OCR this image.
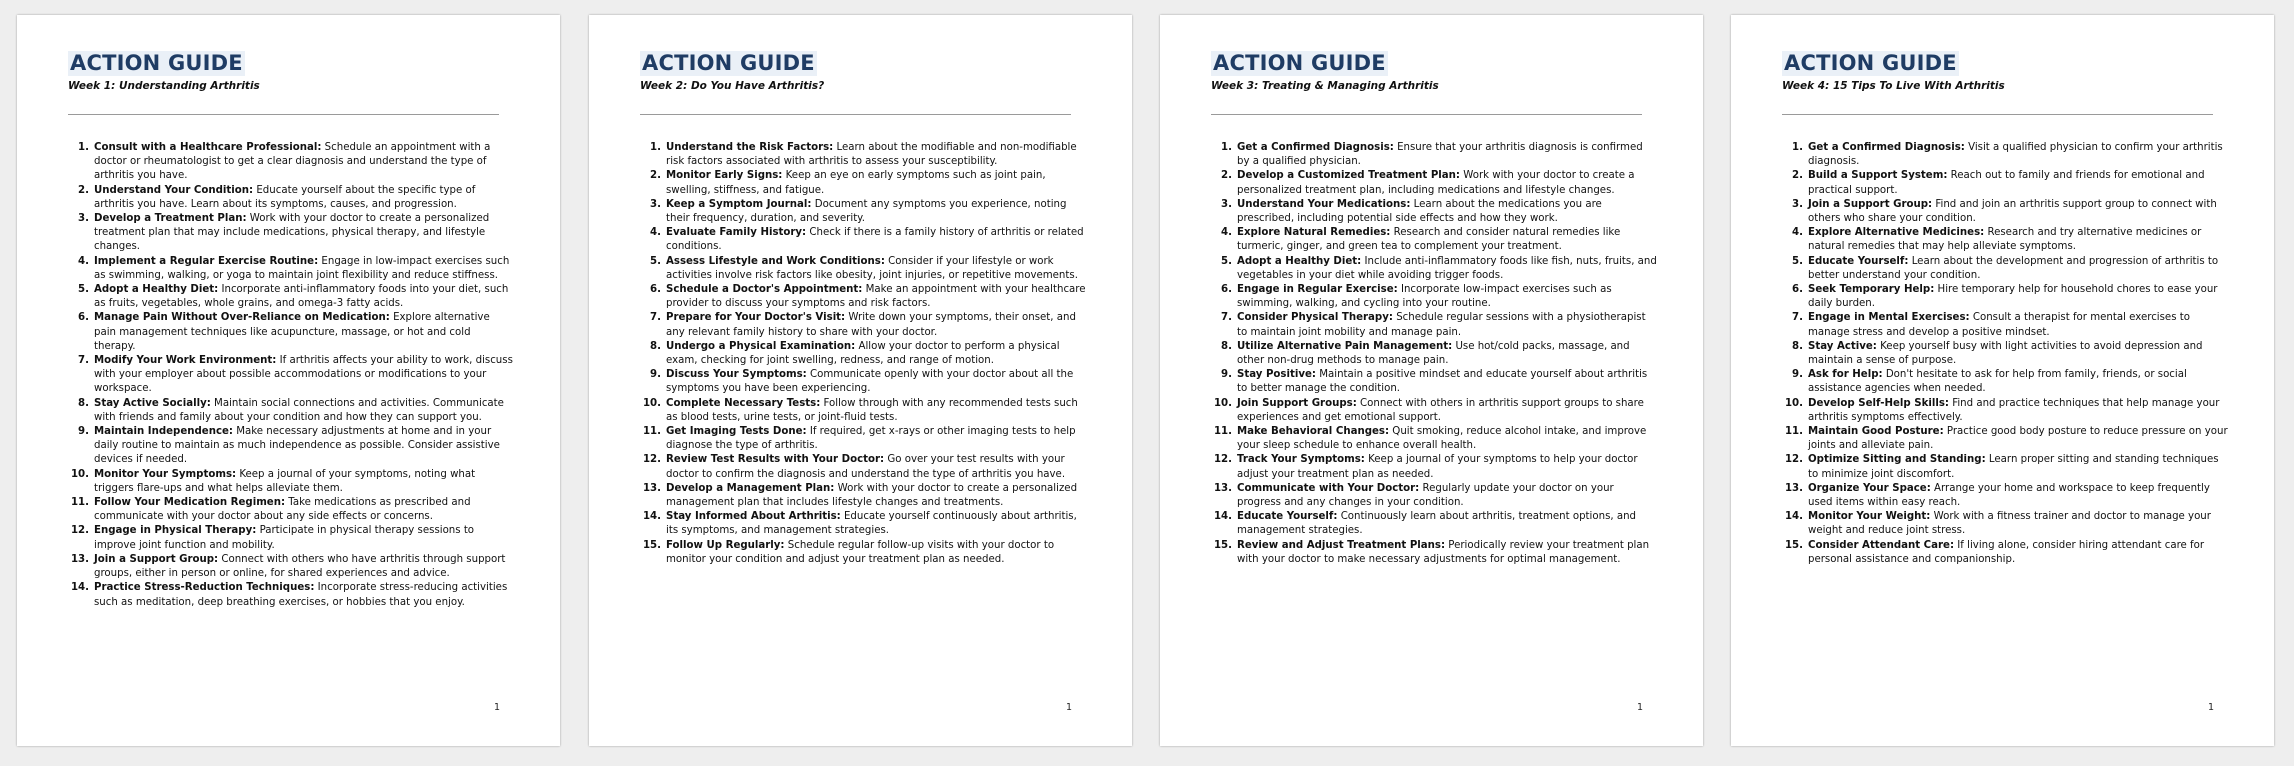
ACTION GUIDE
Week 1: Understanding Arthritis
1. Consult with a Healthcare Professional: Schedule an appointment with a doctor or rheumatologist to get a clear diagnosis and understand the type of arthritis you have.
2. Understand Your Condition: Educate yourself about the specific type of arthritis you have. Learn about its symptoms, causes, and progression.
3. Develop a Treatment Plan: Work with your doctor to create a personalized treatment plan that may include medications, physical therapy, and lifestyle changes.
4. Implement a Regular Exercise Routine: Engage in low-impact exercises such as swimming, walking, or yoga to maintain joint flexibility and reduce stiffness.
5. Adopt a Healthy Diet: Incorporate anti-inflammatory foods into your diet, such as fruits, vegetables, whole grains, and omega-3 fatty acids.
6. Manage Pain Without Over-Reliance on Medication: Explore alternative pain management techniques like acupuncture, massage, or hot and cold therapy.
7. Modify Your Work Environment: If arthritis affects your ability to work, discuss with your employer about possible accommodations or modifications to your workspace.
8. Stay Active Socially: Maintain social connections and activities. Communicate with friends and family about your condition and how they can support you.
9. Maintain Independence: Make necessary adjustments at home and in your daily routine to maintain as much independence as possible. Consider assistive devices if needed.
10. Monitor Your Symptoms: Keep a journal of your symptoms, noting what triggers flare-ups and what helps alleviate them.
11. Follow Your Medication Regimen: Take medications as prescribed and communicate with your doctor about any side effects or concerns.
12. Engage in Physical Therapy: Participate in physical therapy sessions to improve joint function and mobility.
13. Join a Support Group: Connect with others who have arthritis through support groups, either in person or online, for shared experiences and advice.
14. Practice Stress-Reduction Techniques: Incorporate stress-reducing activities such as meditation, deep breathing exercises, or hobbies that you enjoy.
1
ACTION GUIDE
Week 2: Do You Have Arthritis?
1. Understand the Risk Factors: Learn about the modifiable and non-modifiable risk factors associated with arthritis to assess your susceptibility.
2. Monitor Early Signs: Keep an eye on early symptoms such as joint pain, swelling, stiffness, and fatigue.
3. Keep a Symptom Journal: Document any symptoms you experience, noting their frequency, duration, and severity.
4. Evaluate Family History: Check if there is a family history of arthritis or related conditions.
5. Assess Lifestyle and Work Conditions: Consider if your lifestyle or work activities involve risk factors like obesity, joint injuries, or repetitive movements.
6. Schedule a Doctor's Appointment: Make an appointment with your healthcare provider to discuss your symptoms and risk factors.
7. Prepare for Your Doctor's Visit: Write down your symptoms, their onset, and any relevant family history to share with your doctor.
8. Undergo a Physical Examination: Allow your doctor to perform a physical exam, checking for joint swelling, redness, and range of motion.
9. Discuss Your Symptoms: Communicate openly with your doctor about all the symptoms you have been experiencing.
10. Complete Necessary Tests: Follow through with any recommended tests such as blood tests, urine tests, or joint-fluid tests.
11. Get Imaging Tests Done: If required, get x-rays or other imaging tests to help diagnose the type of arthritis.
12. Review Test Results with Your Doctor: Go over your test results with your doctor to confirm the diagnosis and understand the type of arthritis you have.
13. Develop a Management Plan: Work with your doctor to create a personalized management plan that includes lifestyle changes and treatments.
14. Stay Informed About Arthritis: Educate yourself continuously about arthritis, its symptoms, and management strategies.
15. Follow Up Regularly: Schedule regular follow-up visits with your doctor to monitor your condition and adjust your treatment plan as needed.
1
ACTION GUIDE
Week 3: Treating & Managing Arthritis
1. Get a Confirmed Diagnosis: Ensure that your arthritis diagnosis is confirmed by a qualified physician.
2. Develop a Customized Treatment Plan: Work with your doctor to create a personalized treatment plan, including medications and lifestyle changes.
3. Understand Your Medications: Learn about the medications you are prescribed, including potential side effects and how they work.
4. Explore Natural Remedies: Research and consider natural remedies like turmeric, ginger, and green tea to complement your treatment.
5. Adopt a Healthy Diet: Include anti-inflammatory foods like fish, nuts, fruits, and vegetables in your diet while avoiding trigger foods.
6. Engage in Regular Exercise: Incorporate low-impact exercises such as swimming, walking, and cycling into your routine.
7. Consider Physical Therapy: Schedule regular sessions with a physiotherapist to maintain joint mobility and manage pain.
8. Utilize Alternative Pain Management: Use hot/cold packs, massage, and other non-drug methods to manage pain.
9. Stay Positive: Maintain a positive mindset and educate yourself about arthritis to better manage the condition.
10. Join Support Groups: Connect with others in arthritis support groups to share experiences and get emotional support.
11. Make Behavioral Changes: Quit smoking, reduce alcohol intake, and improve your sleep schedule to enhance overall health.
12. Track Your Symptoms: Keep a journal of your symptoms to help your doctor adjust your treatment plan as needed.
13. Communicate with Your Doctor: Regularly update your doctor on your progress and any changes in your condition.
14. Educate Yourself: Continuously learn about arthritis, treatment options, and management strategies.
15. Review and Adjust Treatment Plans: Periodically review your treatment plan with your doctor to make necessary adjustments for optimal management.
1
ACTION GUIDE
Week 4: 15 Tips To Live With Arthritis
1. Get a Confirmed Diagnosis: Visit a qualified physician to confirm your arthritis diagnosis.
2. Build a Support System: Reach out to family and friends for emotional and practical support.
3. Join a Support Group: Find and join an arthritis support group to connect with others who share your condition.
4. Explore Alternative Medicines: Research and try alternative medicines or natural remedies that may help alleviate symptoms.
5. Educate Yourself: Learn about the development and progression of arthritis to better understand your condition.
6. Seek Temporary Help: Hire temporary help for household chores to ease your daily burden.
7. Engage in Mental Exercises: Consult a therapist for mental exercises to manage stress and develop a positive mindset.
8. Stay Active: Keep yourself busy with light activities to avoid depression and maintain a sense of purpose.
9. Ask for Help: Don't hesitate to ask for help from family, friends, or social assistance agencies when needed.
10. Develop Self-Help Skills: Find and practice techniques that help manage your arthritis symptoms effectively.
11. Maintain Good Posture: Practice good body posture to reduce pressure on your joints and alleviate pain.
12. Optimize Sitting and Standing: Learn proper sitting and standing techniques to minimize joint discomfort.
13. Organize Your Space: Arrange your home and workspace to keep frequently used items within easy reach.
14. Monitor Your Weight: Work with a fitness trainer and doctor to manage your weight and reduce joint stress.
15. Consider Attendant Care: If living alone, consider hiring attendant care for personal assistance and companionship.
1
